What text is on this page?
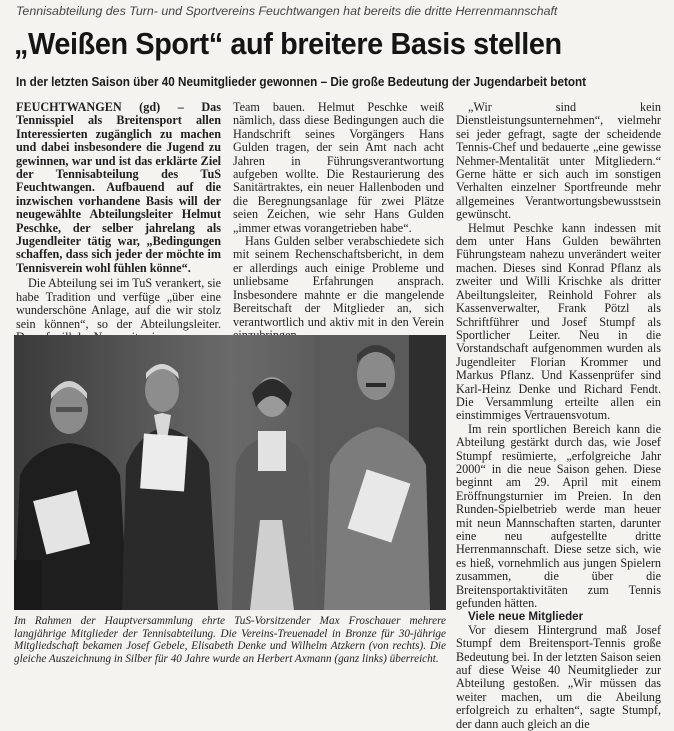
Tennisabteilung des Turn- und Sportvereins Feuchtwangen hat bereits die dritte Herrenmannschaft
„Weißen Sport“ auf breitere Basis stellen
In der letzten Saison über 40 Neumitglieder gewonnen – Die große Bedeutung der Jugendarbeit betont

FEUCHTWANGEN (gd) – Das Tennisspiel als Breitensport allen Interessierten zugänglich zu machen und dabei insbesondere die Jugend zu gewinnen, war und ist das erklärte Ziel der Tennisabteilung des TuS Feuchtwangen. Aufbauend auf die inzwischen vorhandene Basis will der neugewählte Abteilungsleiter Helmut Peschke, der selber jahrelang als Jugendleiter tätig war, „Bedingungen schaffen, dass sich jeder der möchte im Tennisverein wohl fühlen könne“.

Die Abteilung sei im TuS verankert, sie habe Tradition und verfüge „über eine wunderschöne Anlage, auf die wir stolz sein können“, so der Abteilungsleiter.

Team bauen. Helmut Peschke weiß nämlich, dass diese Bedingungen auch die Handschrift seines Vorgängers Hans Gulden tragen, der sein Amt nach acht Jahren in Führungsverantwortung aufgeben wollte. Die Restaurierung des Sanitärtraktes, ein neuer Hallenboden und die Beregnungsanlage für zwei Plätze seien Zeichen, wie sehr Hans Gulden „immer etwas vorangetrieben habe“.

Hans Gulden selber verabschiedete sich mit seinem Rechenschaftsbericht, in dem er allerdings auch einige Probleme und unliebsame Erfahrungen ansprach. Insbesondere mahnte er die mangelende Bereitschaft der Mitglieder an, sich verantwortlich und aktiv mit in den Verein

„Wir sind kein Dienstleistungsunternehmen“, vielmehr sei jeder gefragt, sagte der scheidende Tennis-Chef und bedauerte „eine gewisse Nehmer-Mentalität unter Mitgliedern.“ Gerne hätte er sich auch im sonstigen Verhalten einzelner Sportfreunde mehr allgemeines Verantwortungsbewusstsein gewünscht.

Helmut Peschke kann indessen mit dem unter Hans Gulden bewährten Führungsteam nahezu unverändert weiter machen. Dieses sind Konrad Pflanz als zweiter und Willi Krischke als dritter Abeiltungsleiter, Reinhold Fohrer als Kassenverwalter, Frank Pötzl als Schriftführer und Josef Stumpf als Sportlicher Leiter. Neu in die Vorstandschaft aufgenommen wurden als Jugendleiter Florian Krommer und Markus Pflanz. Und Kassenprüfer sind Karl-Heinz Denke und Richard Fendt. Die Versammlung erteilte allen ein einstimmiges Vertrauensvotum.

Im rein sportlichen Bereich kann die Abteilung gestärkt durch das, wie Josef Stumpf resümierte, „erfolgreiche Jahr 2000“ in die neue Saison gehen. Diese beginnt am 29. April mit einem Eröffnungsturnier im Preien. In den Runden-Spielbetrieb werde man heuer mit neun Mannschaften starten, darunter eine neu aufgestellte dritte Herrenmannschaft. Diese setze sich, wie es hieß, vornehmlich aus jungen Spielern zusammen, die über die Breitensportaktivitäten zum Tennis gefunden hätten.

Viele neue Mitglieder

Vor diesem Hintergrund maß Josef Stumpf dem Breitensport-Tennis große Bedeutung bei. In der letzten Saison seien auf diese Weise 40 Neumitglieder zur Abteilung gestoßen. „Wir müssen das weiter machen, um die Abeilung erfolgreich zu erhalten“, sagte Stumpf, der dann auch gleich an die

Im Rahmen der Hauptversammlung ehrte TuS-Vorsitzender Max Froschauer mehrere langjährige Mitglieder der Tennisabteilung. Die Vereins-Treuenadel in Bronze für 30-jährige Mitgliedschaft bekamen Josef Gebele, Elisabeth Denke und Wilhelm Atzkern (von rechts). Die gleiche Auszeichnung in Silber für 40 Jahre wurde an Herbert Axmann (ganz links) überreicht.
